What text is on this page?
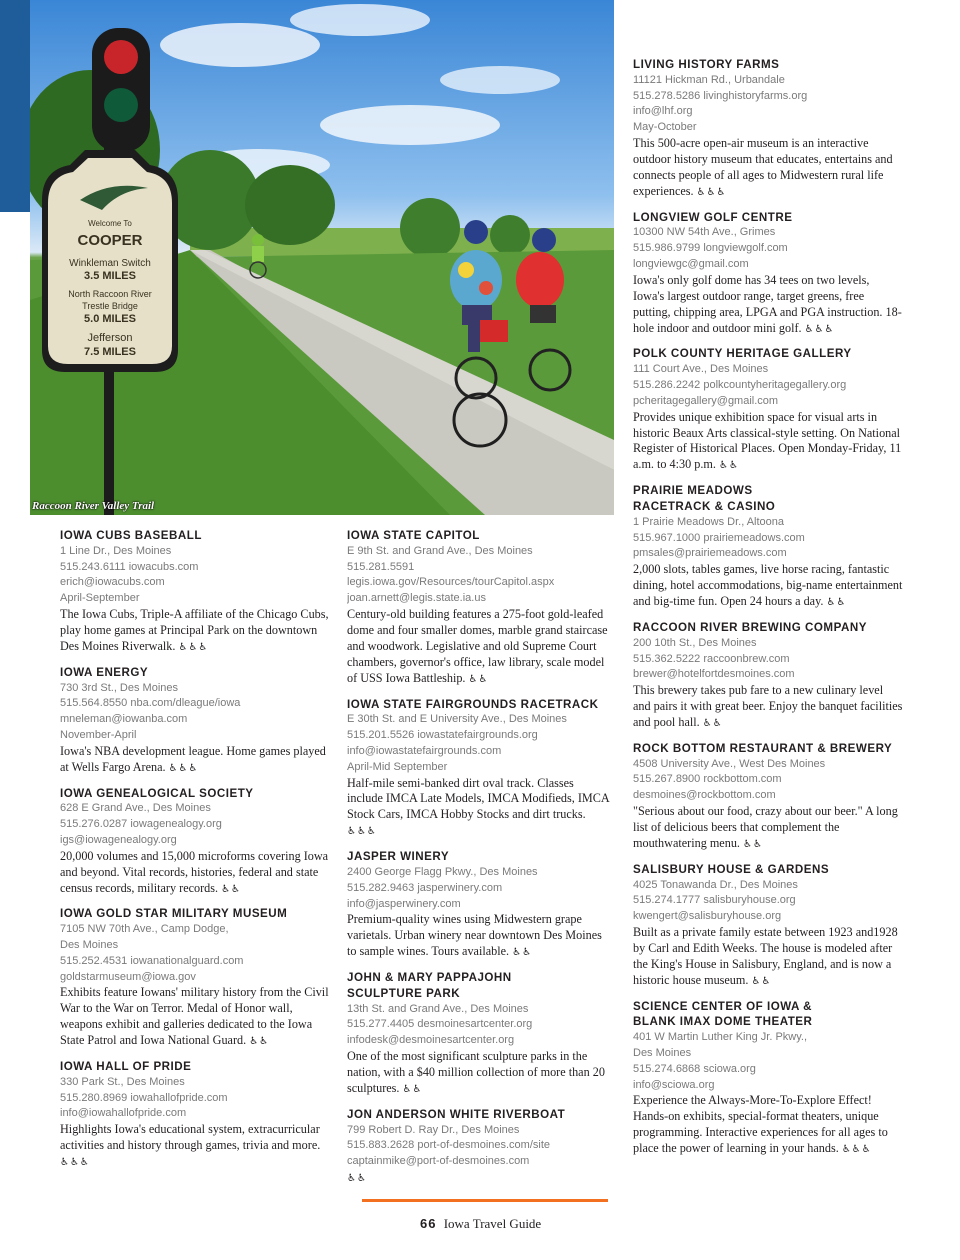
Welcome To
COOPER
Winkleman Switch
3.5 MILES
North Raccoon River
Trestle Bridge
5.0 MILES
Jefferson
7.5 MILES
Raccoon River Valley Trail
IOWA CUBS BASEBALL
1 Line Dr., Des Moines
515.243.6111 iowacubs.com
erich@iowacubs.com
April-September
The Iowa Cubs, Triple-A affiliate of the Chicago Cubs, play home games at Principal Park on the downtown Des Moines Riverwalk. ♿♿♿
IOWA ENERGY
730 3rd St., Des Moines
515.564.8550 nba.com/dleague/iowa
mneleman@iowanba.com
November-April
Iowa's NBA development league. Home games played at Wells Fargo Arena. ♿♿♿
IOWA GENEALOGICAL SOCIETY
628 E Grand Ave., Des Moines
515.276.0287 iowagenealogy.org
igs@iowagenealogy.org
20,000 volumes and 15,000 microforms covering Iowa and beyond. Vital records, histories, federal and state census records, military records. ♿♿
IOWA GOLD STAR MILITARY MUSEUM
7105 NW 70th Ave., Camp Dodge,
Des Moines
515.252.4531 iowanationalguard.com
goldstarmuseum@iowa.gov
Exhibits feature Iowans' military history from the Civil War to the War on Terror. Medal of Honor wall, weapons exhibit and galleries dedicated to the Iowa State Patrol and Iowa National Guard. ♿♿
IOWA HALL OF PRIDE
330 Park St., Des Moines
515.280.8969 iowahallofpride.com
info@iowahallofpride.com
Highlights Iowa's educational system, extracurricular activities and history through games, trivia and more. ♿♿♿
IOWA STATE CAPITOL
E 9th St. and Grand Ave., Des Moines
515.281.5591
legis.iowa.gov/Resources/tourCapitol.aspx
joan.arnett@legis.state.ia.us
Century-old building features a 275-foot gold-leafed dome and four smaller domes, marble grand staircase and woodwork. Legislative and old Supreme Court chambers, governor's office, law library, scale model of USS Iowa Battleship. ♿♿
IOWA STATE FAIRGROUNDS RACETRACK
E 30th St. and E University Ave., Des Moines
515.201.5526 iowastatefairgrounds.org
info@iowastatefairgrounds.com
April-Mid September
Half-mile semi-banked dirt oval track. Classes include IMCA Late Models, IMCA Modifieds, IMCA Stock Cars, IMCA Hobby Stocks and dirt trucks. ♿♿♿
JASPER WINERY
2400 George Flagg Pkwy., Des Moines
515.282.9463 jasperwinery.com
info@jasperwinery.com
Premium-quality wines using Midwestern grape varietals. Urban winery near downtown Des Moines to sample wines. Tours available. ♿♿
JOHN & MARY PAPPAJOHN
SCULPTURE PARK
13th St. and Grand Ave., Des Moines
515.277.4405 desmoinesartcenter.org
infodesk@desmoinesartcenter.org
One of the most significant sculpture parks in the nation, with a $40 million collection of more than 20 sculptures. ♿♿
JON ANDERSON WHITE RIVERBOAT
799 Robert D. Ray Dr., Des Moines
515.883.2628 port-of-desmoines.com/site
captainmike@port-of-desmoines.com
♿♿
LIVING HISTORY FARMS
11121 Hickman Rd., Urbandale
515.278.5286 livinghistoryfarms.org
info@lhf.org
May-October
This 500-acre open-air museum is an interactive outdoor history museum that educates, entertains and connects people of all ages to Midwestern rural life experiences. ♿♿♿
LONGVIEW GOLF CENTRE
10300 NW 54th Ave., Grimes
515.986.9799 longviewgolf.com
longviewgc@gmail.com
Iowa's only golf dome has 34 tees on two levels, Iowa's largest outdoor range, target greens, free putting, chipping area, LPGA and PGA instruction. 18-hole indoor and outdoor mini golf. ♿♿♿
POLK COUNTY HERITAGE GALLERY
111 Court Ave., Des Moines
515.286.2242 polkcountyheritagegallery.org
pcheritagegallery@gmail.com
Provides unique exhibition space for visual arts in historic Beaux Arts classical-style setting. On National Register of Historical Places. Open Monday-Friday, 11 a.m. to 4:30 p.m. ♿♿
PRAIRIE MEADOWS
RACETRACK & CASINO
1 Prairie Meadows Dr., Altoona
515.967.1000 prairiemeadows.com
pmsales@prairiemeadows.com
2,000 slots, tables games, live horse racing, fantastic dining, hotel accommodations, big-name entertainment and big-time fun. Open 24 hours a day. ♿♿
RACCOON RIVER BREWING COMPANY
200 10th St., Des Moines
515.362.5222 raccoonbrew.com
brewer@hotelfortdesmoines.com
This brewery takes pub fare to a new culinary level and pairs it with great beer. Enjoy the banquet facilities and pool hall. ♿♿
ROCK BOTTOM RESTAURANT & BREWERY
4508 University Ave., West Des Moines
515.267.8900 rockbottom.com
desmoines@rockbottom.com
"Serious about our food, crazy about our beer." A long list of delicious beers that complement the mouthwatering menu. ♿♿
SALISBURY HOUSE & GARDENS
4025 Tonawanda Dr., Des Moines
515.274.1777 salisburyhouse.org
kwengert@salisburyhouse.org
Built as a private family estate between 1923 and1928 by Carl and Edith Weeks. The house is modeled after the King's House in Salisbury, England, and is now a historic house museum. ♿♿
SCIENCE CENTER OF IOWA &
BLANK IMAX DOME THEATER
401 W Martin Luther King Jr. Pkwy.,
Des Moines
515.274.6868 sciowa.org
info@sciowa.org
Experience the Always-More-To-Explore Effect! Hands-on exhibits, special-format theaters, unique programming. Interactive experiences for all ages to place the power of learning in your hands. ♿♿♿
66 Iowa Travel Guide
